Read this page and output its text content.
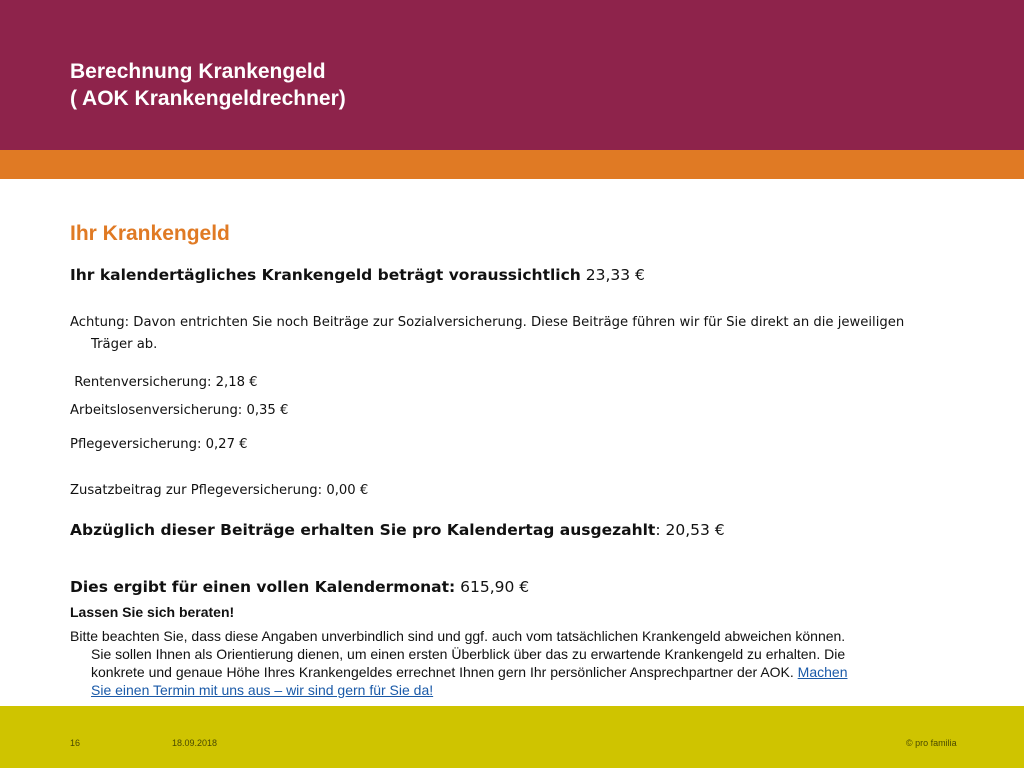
Berechnung Krankengeld
( AOK Krankengeldrechner)
Ihr Krankengeld
Ihr kalendertägliches Krankengeld beträgt voraussichtlich 23,33 €
Achtung: Davon entrichten Sie noch Beiträge zur Sozialversicherung. Diese Beiträge führen wir für Sie direkt an die jeweiligen
Träger ab.
Rentenversicherung: 2,18 €
Arbeitslosenversicherung: 0,35 €
Pflegeversicherung: 0,27 €
Zusatzbeitrag zur Pflegeversicherung: 0,00 €
Abzüglich dieser Beiträge erhalten Sie pro Kalendertag ausgezahlt: 20,53 €
Dies ergibt für einen vollen Kalendermonat: 615,90 €
Lassen Sie sich beraten!
Bitte beachten Sie, dass diese Angaben unverbindlich sind und ggf. auch vom tatsächlichen Krankengeld abweichen können.
Sie sollen Ihnen als Orientierung dienen, um einen ersten Überblick über das zu erwartende Krankengeld zu erhalten. Die
konkrete und genaue Höhe Ihres Krankengeldes errechnet Ihnen gern Ihr persönlicher Ansprechpartner der AOK. Machen
Sie einen Termin mit uns aus – wir sind gern für Sie da!
16	18.09.2018	© pro familia
